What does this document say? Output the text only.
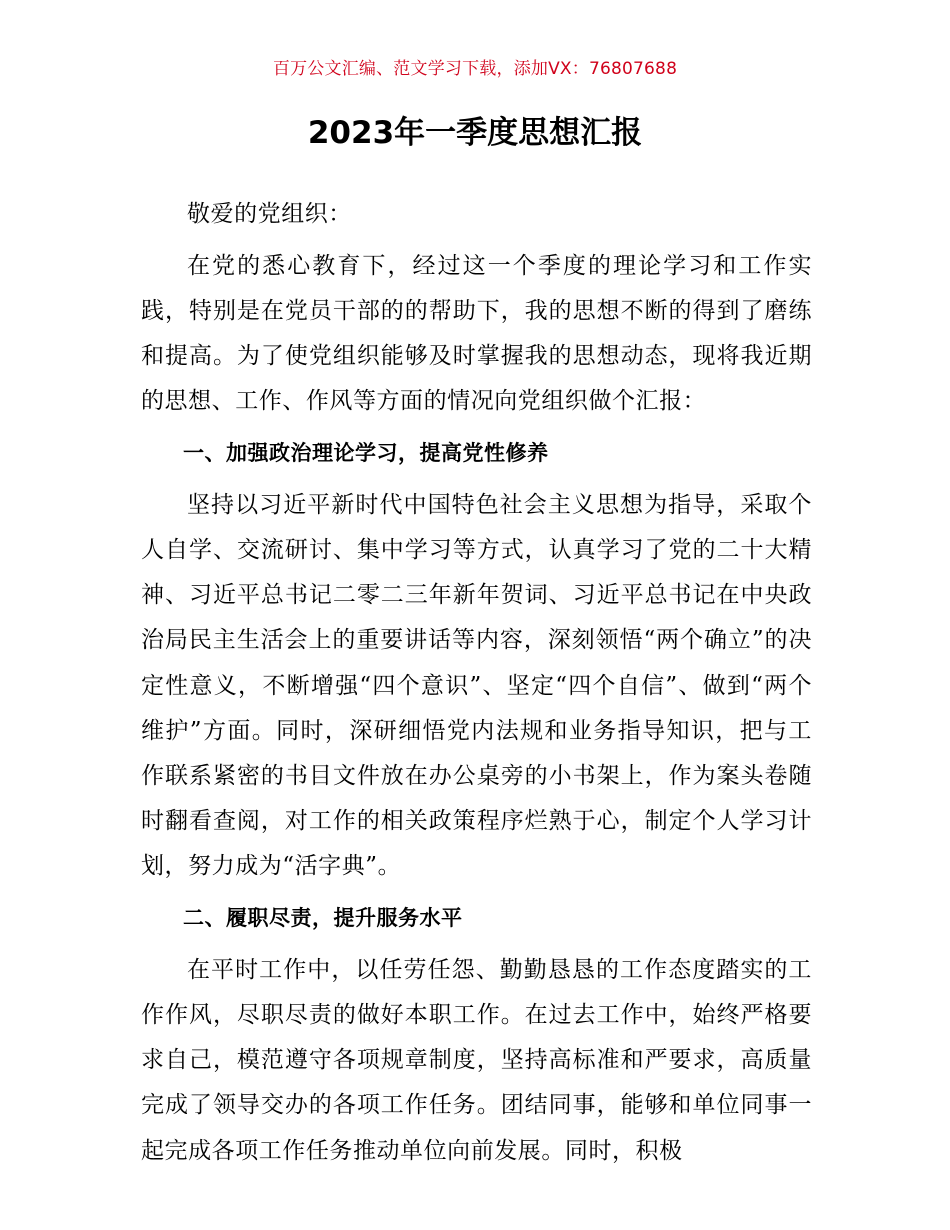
百万公文汇编、范文学习下载，添加VX：76807688
2023年一季度思想汇报

敬爱的党组织：

在党的悉心教育下，经过这一个季度的理论学习和工作实践，特别是在党员干部的的帮助下，我的思想不断的得到了磨练和提高。为了使党组织能够及时掌握我的思想动态，现将我近期的思想、工作、作风等方面的情况向党组织做个汇报：

一、加强政治理论学习，提高党性修养

坚持以习近平新时代中国特色社会主义思想为指导，采取个人自学、交流研讨、集中学习等方式，认真学习了党的二十大精神、习近平总书记二零二三年新年贺词、习近平总书记在中央政治局民主生活会上的重要讲话等内容，深刻领悟“两个确立”的决定性意义，不断增强“四个意识”、坚定“四个自信”、做到“两个维护”方面。同时，深研细悟党内法规和业务指导知识，把与工作联系紧密的书目文件放在办公桌旁的小书架上，作为案头卷随时翻看查阅，对工作的相关政策程序烂熟于心，制定个人学习计划，努力成为“活字典”。

二、履职尽责，提升服务水平

在平时工作中，以任劳任怨、勤勤恳恳的工作态度踏实的工作作风，尽职尽责的做好本职工作。在过去工作中，始终严格要求自己，模范遵守各项规章制度，坚持高标准和严要求，高质量完成了领导交办的各项工作任务。团结同事，能够和单位同事一起完成各项工作任务推动单位向前发展。同时，积极
